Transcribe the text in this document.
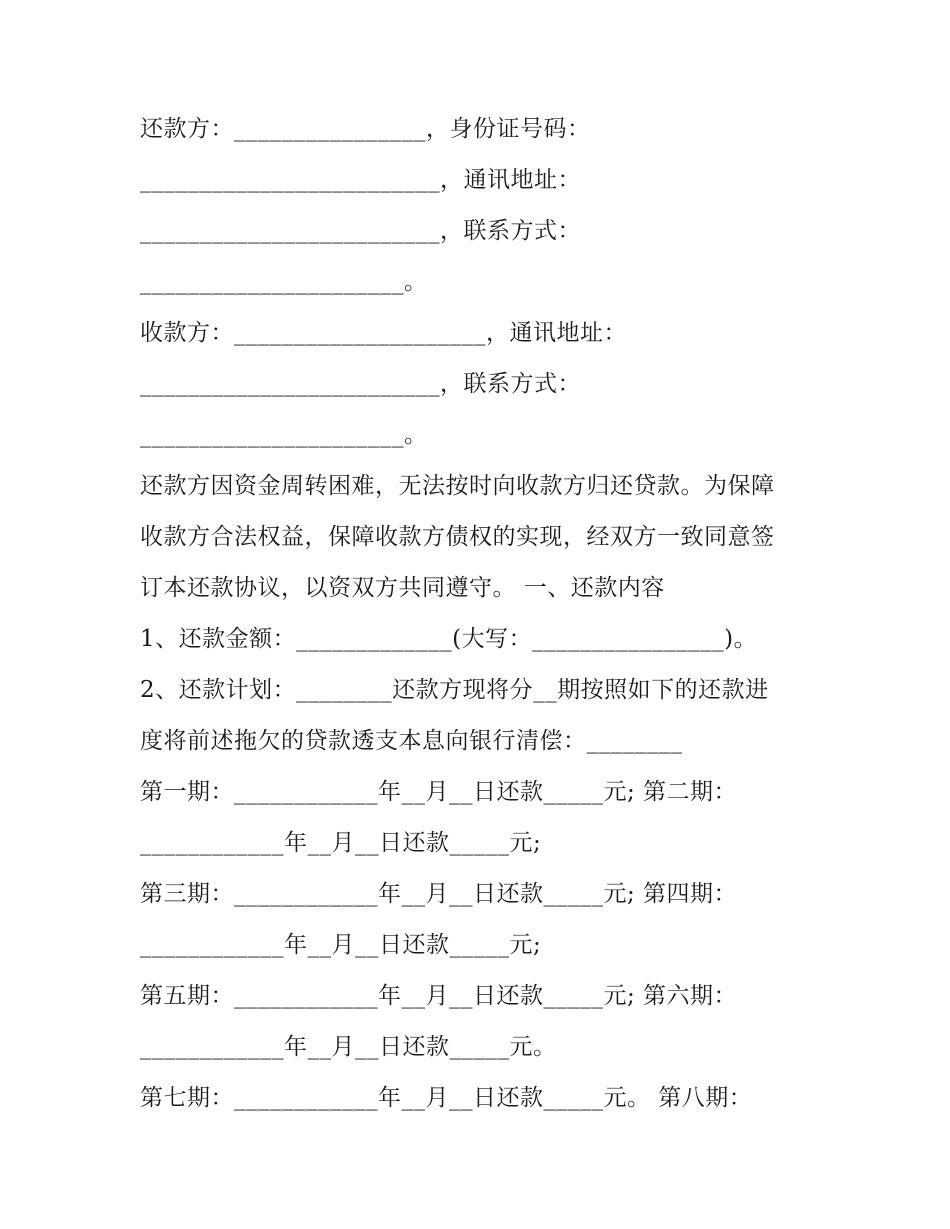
还款方：________________，身份证号码：
_________________________，通讯地址：
_________________________，联系方式：
______________________。
收款方：_____________________，通讯地址：
_________________________，联系方式：
______________________。
还款方因资金周转困难，无法按时向收款方归还贷款。为保障
收款方合法权益，保障收款方债权的实现，经双方一致同意签
订本还款协议，以资双方共同遵守。 一、还款内容
1、还款金额：_____________(大写：________________)。
2、还款计划：________还款方现将分__期按照如下的还款进
度将前述拖欠的贷款透支本息向银行清偿：________
第一期：____________年__月__日还款_____元; 第二期：
____________年__月__日还款_____元;
第三期：____________年__月__日还款_____元; 第四期：
____________年__月__日还款_____元;
第五期：____________年__月__日还款_____元; 第六期：
____________年__月__日还款_____元。
第七期：____________年__月__日还款_____元。 第八期：
